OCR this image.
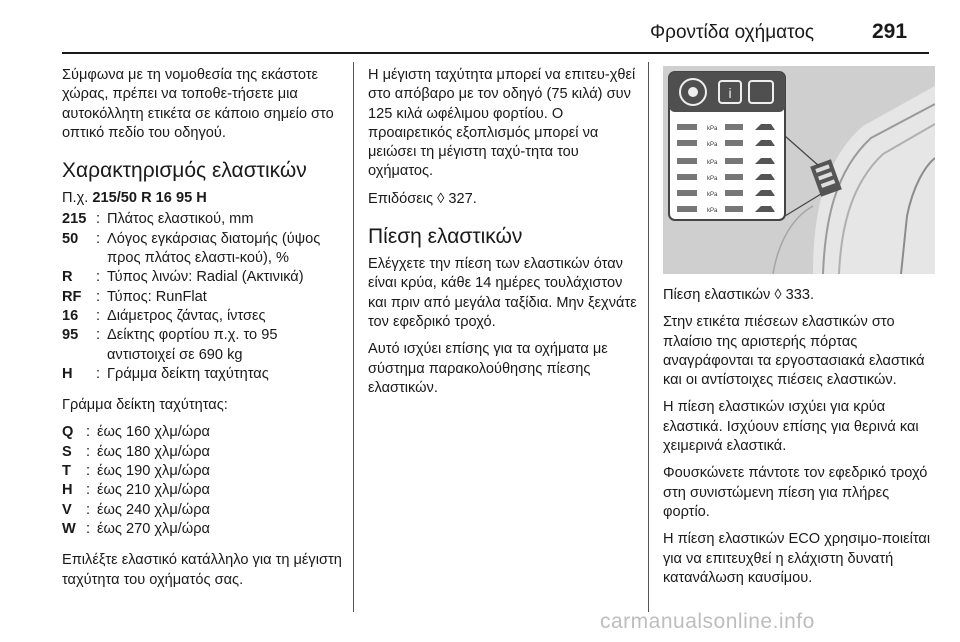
Φροντίδα οχήματος	291

Σύμφωνα με τη νομοθεσία της εκάστοτε χώρας, πρέπει να τοποθε‐τήσετε μια αυτοκόλλητη ετικέτα σε κάποιο σημείο στο οπτικό πεδίο του οδηγού.

Χαρακτηρισμός ελαστικών

Π.χ. 215/50 R 16 95 H

215	:	Πλάτος ελαστικού, mm
50	:	Λόγος εγκάρσιας διατομής (ύψος προς πλάτος ελαστι‐κού), %
R	:	Τύπος λινών: Radial (Ακτινικά)
RF	:	Τύπος: RunFlat
16	:	Διάμετρος ζάντας, ίντσες
95	:	Δείκτης φορτίου π.χ. το 95 αντιστοιχεί σε 690 kg
H	:	Γράμμα δείκτη ταχύτητας

Γράμμα δείκτη ταχύτητας:

Q	:	έως 160 χλμ/ώρα
S	:	έως 180 χλμ/ώρα
T	:	έως 190 χλμ/ώρα
H	:	έως 210 χλμ/ώρα
V	:	έως 240 χλμ/ώρα
W	:	έως 270 χλμ/ώρα

Επιλέξτε ελαστικό κατάλληλο για τη μέγιστη ταχύτητα του οχήματός σας.

Η μέγιστη ταχύτητα μπορεί να επιτευ‐χθεί στο απόβαρο με τον οδηγό (75 κιλά) συν 125 κιλά ωφέλιμου φορτίου. Ο προαιρετικός εξοπλισμός μπορεί να μειώσει τη μέγιστη ταχύ‐τητα του οχήματος.

Επιδόσεις ◊ 327.

Πίεση ελαστικών

Ελέγχετε την πίεση των ελαστικών όταν είναι κρύα, κάθε 14 ημέρες τουλάχιστον και πριν από μεγάλα ταξίδια. Μην ξεχνάτε τον εφεδρικό τροχό.

Αυτό ισχύει επίσης για τα οχήματα με σύστημα παρακολούθησης πίεσης ελαστικών.

i
kPa
kPa
kPa
kPa
kPa
kPa

Πίεση ελαστικών ◊ 333.

Στην ετικέτα πιέσεων ελαστικών στο πλαίσιο της αριστερής πόρτας αναγράφονται τα εργοστασιακά ελαστικά και οι αντίστοιχες πιέσεις ελαστικών.

Η πίεση ελαστικών ισχύει για κρύα ελαστικά. Ισχύουν επίσης για θερινά και χειμερινά ελαστικά.

Φουσκώνετε πάντοτε τον εφεδρικό τροχό στη συνιστώμενη πίεση για πλήρες φορτίο.

Η πίεση ελαστικών ECO χρησιμο‐ποιείται για να επιτευχθεί η ελάχιστη δυνατή κατανάλωση καυσίμου.

carmanualsonline.info
